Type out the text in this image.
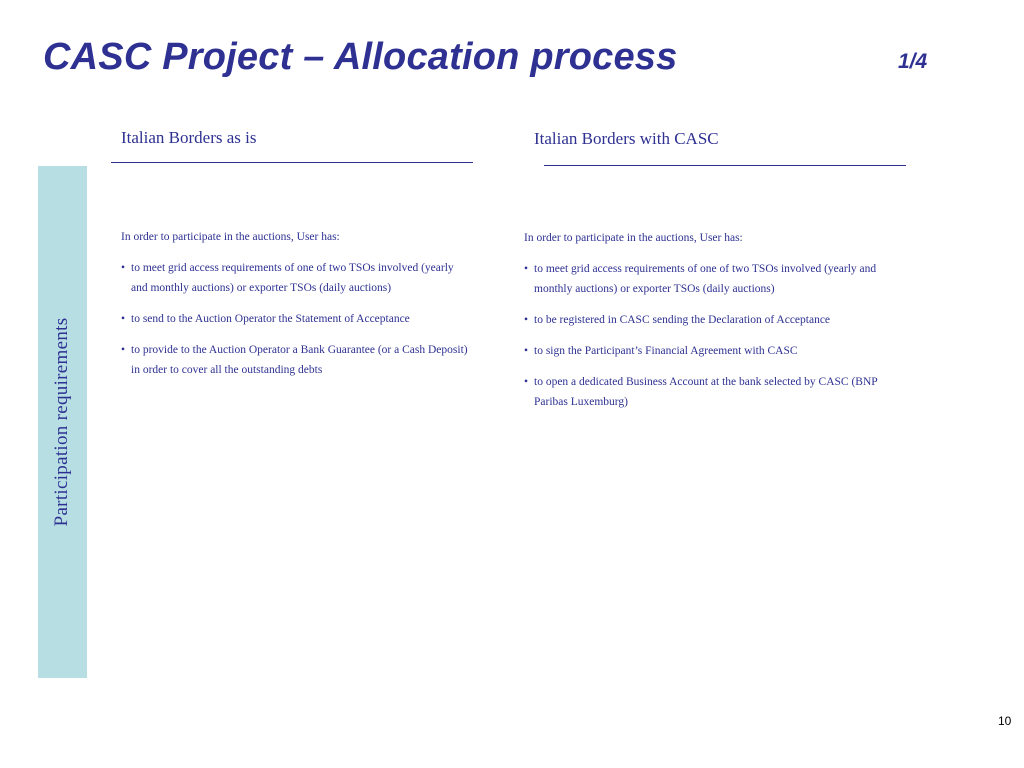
CASC Project – Allocation process	1/4
Participation requirements
Italian Borders as is

In order to participate in the auctions, User has:

• to meet grid access requirements of one of two TSOs involved (yearly and monthly auctions) or exporter TSOs (daily auctions)
• to send to the Auction Operator the Statement of Acceptance
• to provide to the Auction Operator a Bank Guarantee (or a Cash Deposit) in order to cover all the outstanding debts
Italian Borders with CASC

In order to participate in the auctions, User has:

• to meet grid access requirements of one of two TSOs involved (yearly and monthly auctions) or exporter TSOs (daily auctions)
• to be registered in CASC sending the Declaration of Acceptance
• to sign the Participant’s Financial Agreement with CASC
• to open a dedicated Business Account at the bank selected by CASC (BNP Paribas Luxemburg)
10
